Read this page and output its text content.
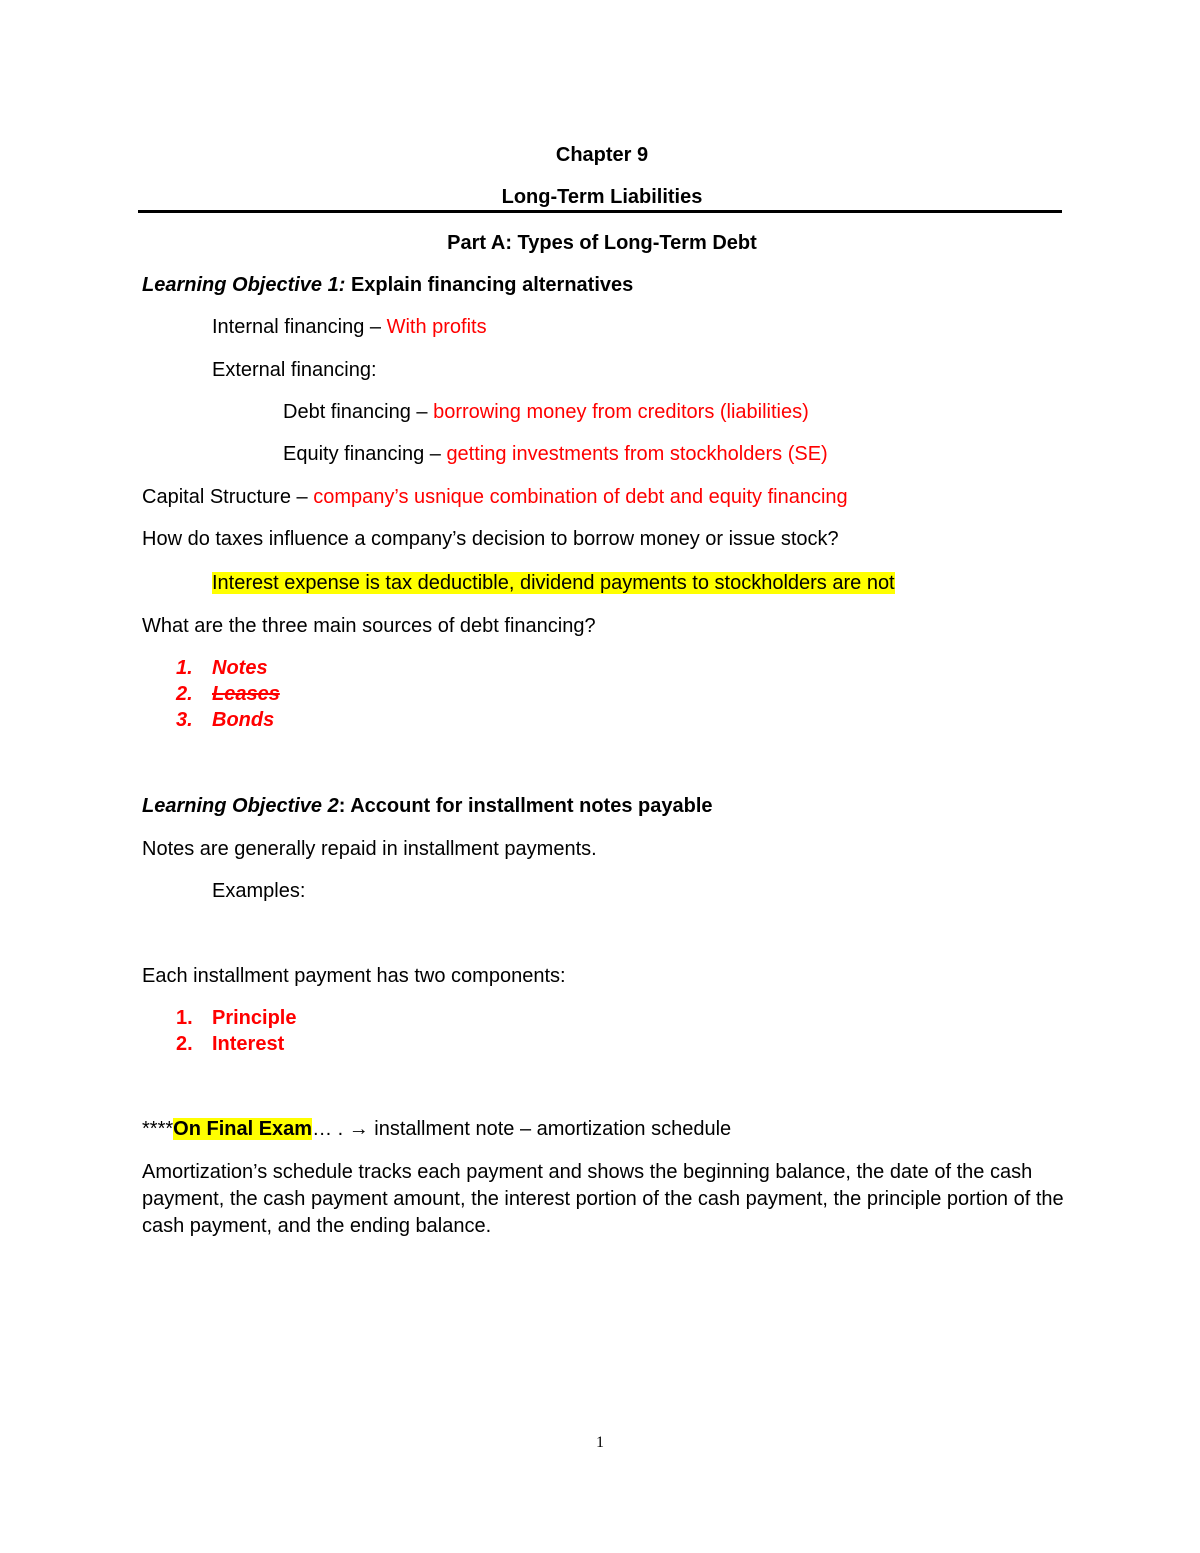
Chapter 9
Long-Term Liabilities
Part A: Types of Long-Term Debt
Learning Objective 1: Explain financing alternatives
Internal financing – With profits
External financing:
Debt financing – borrowing money from creditors (liabilities)
Equity financing – getting investments from stockholders (SE)
Capital Structure – company’s usnique combination of debt and equity financing
How do taxes influence a company’s decision to borrow money or issue stock?
Interest expense is tax deductible, dividend payments to stockholders are not
What are the three main sources of debt financing?
1. Notes
2. Leases
3. Bonds
Learning Objective 2: Account for installment notes payable
Notes are generally repaid in installment payments.
Examples:
Each installment payment has two components:
1. Principle
2. Interest
****On Final Exam… . → installment note – amortization schedule
Amortization’s schedule tracks each payment and shows the beginning balance, the date of the cash payment, the cash payment amount, the interest portion of the cash payment, the principle portion of the cash payment, and the ending balance.
1
